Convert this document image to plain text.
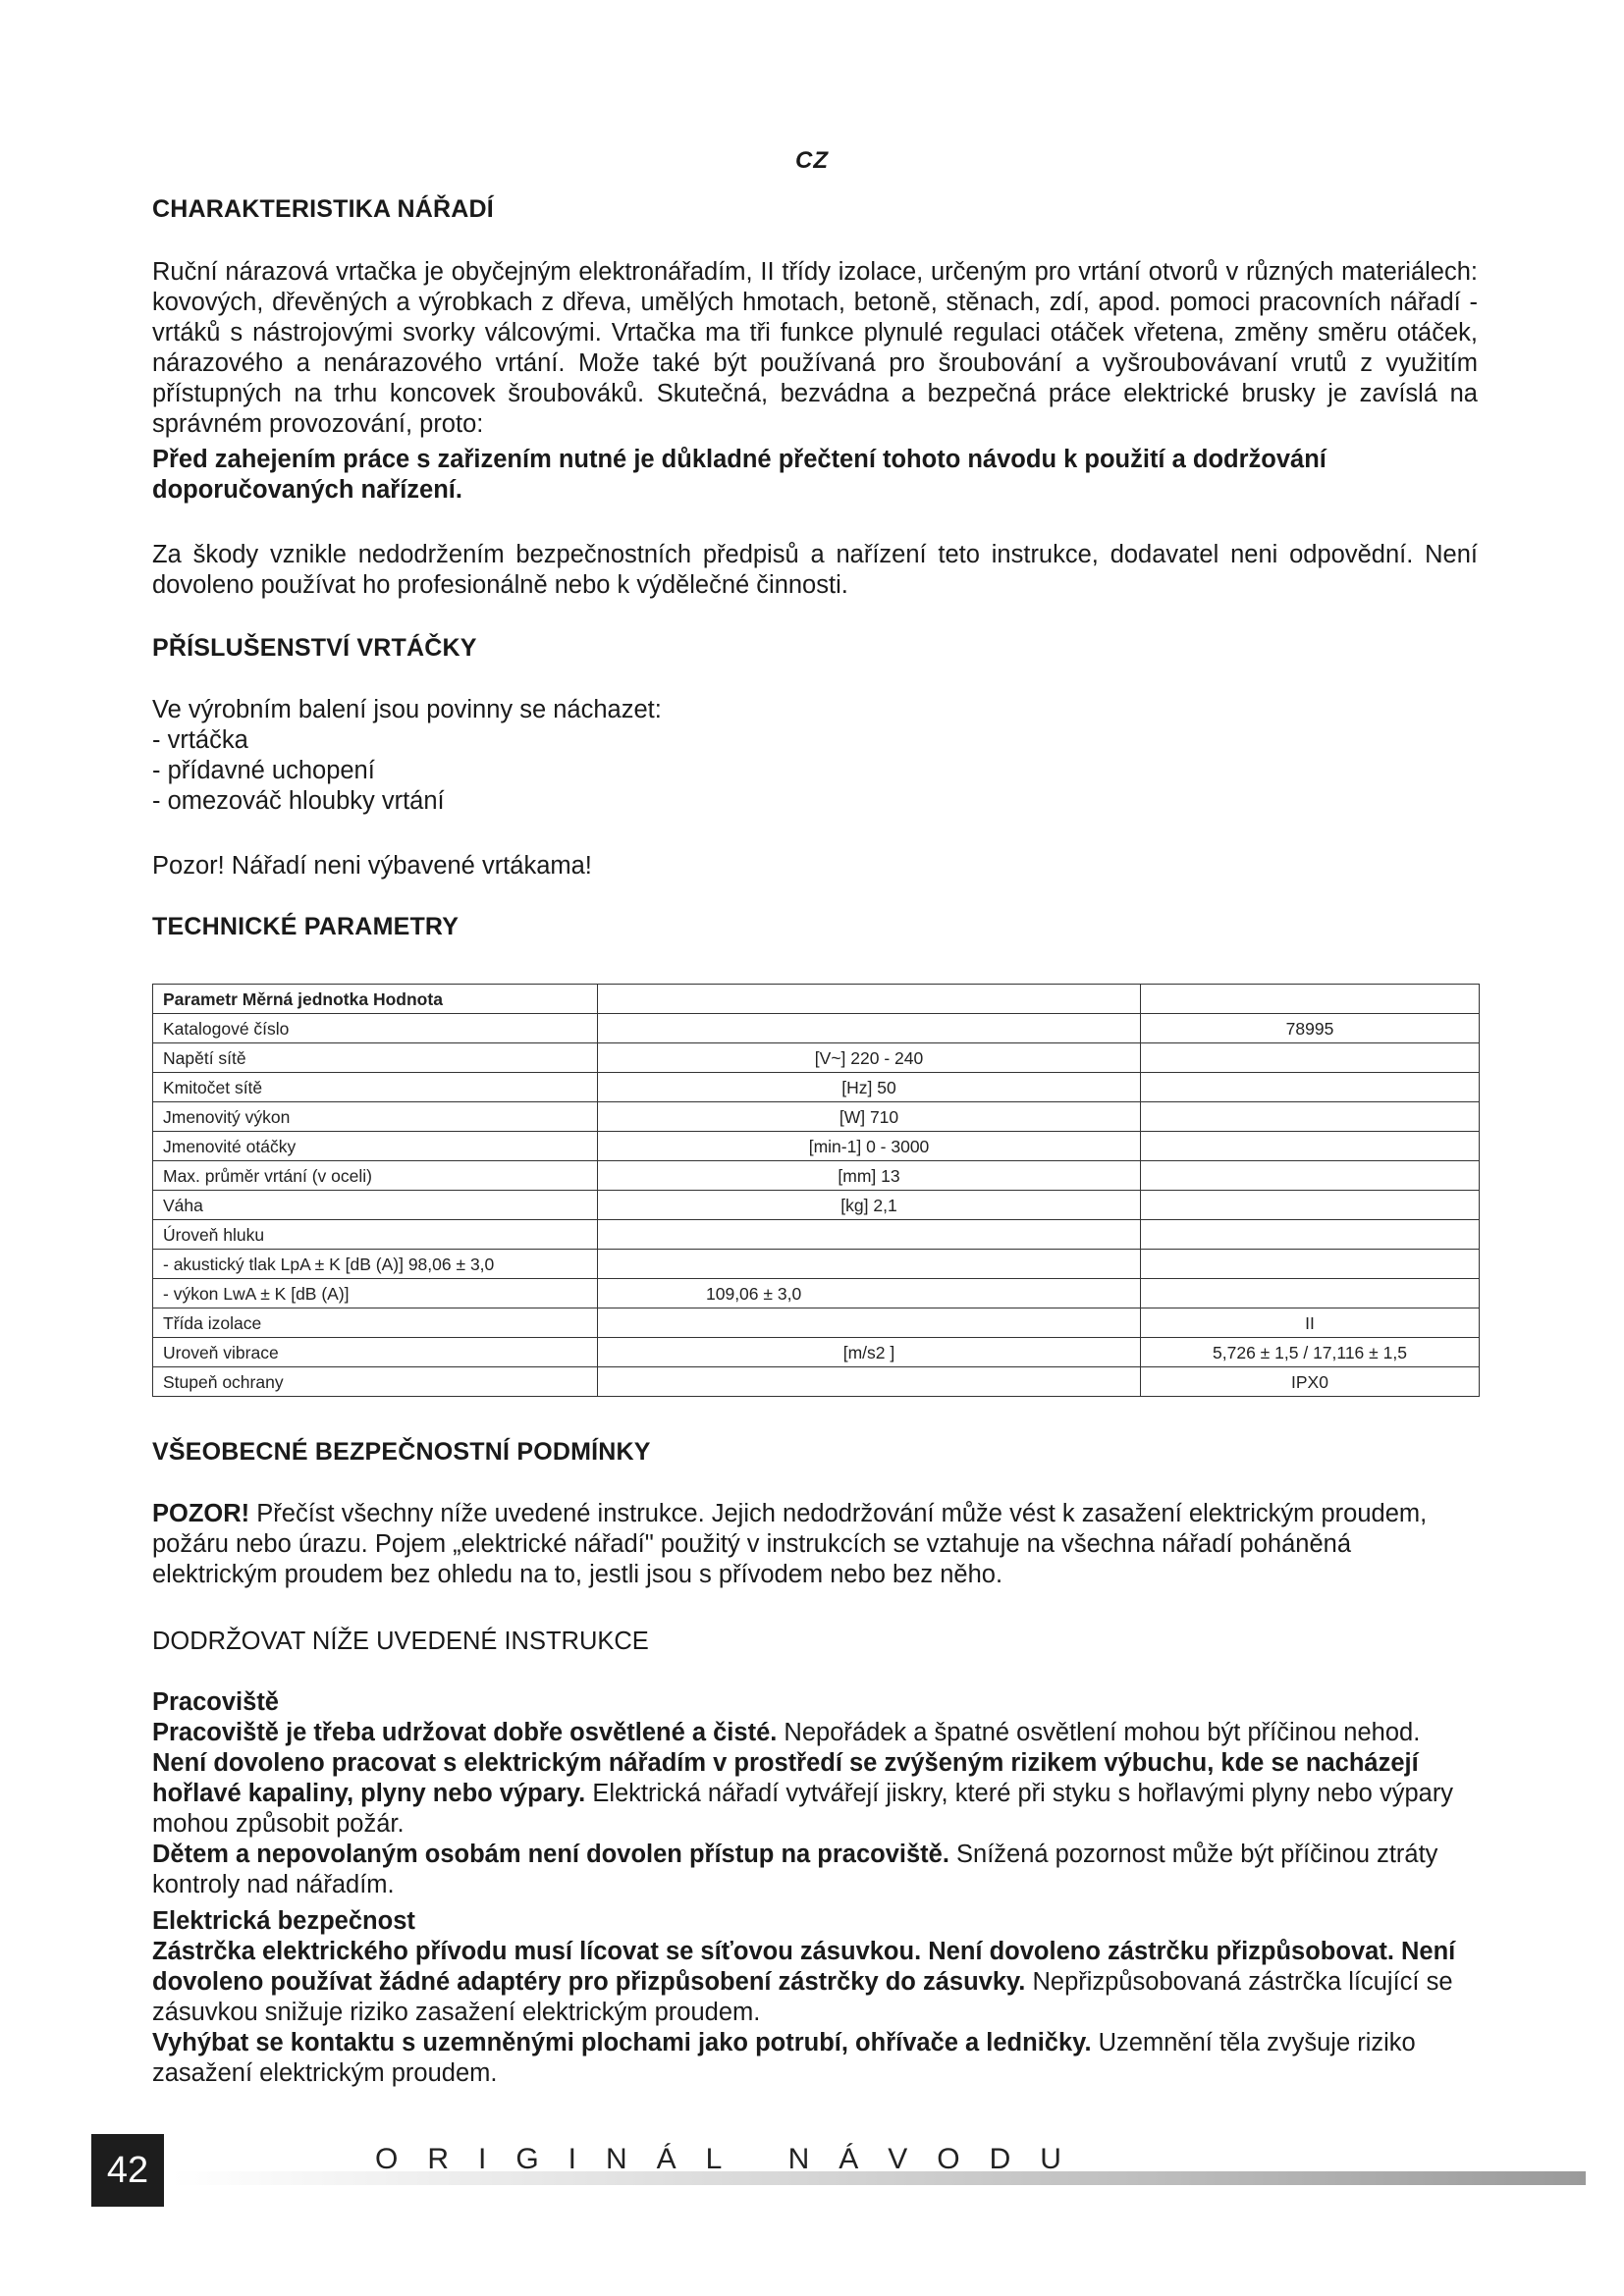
CZ
CHARAKTERISTIKA NÁŘADÍ
Ruční nárazová vrtačka je obyčejným elektronářadím, II třídy izolace, určeným pro vrtání otvorů v různých materiálech: kovových, dřevěných a výrobkach z dřeva, umělých hmotach, betoně, stěnach, zdí, apod. pomoci pracovních nářadí - vrtáků s nástrojovými svorky válcovými. Vrtačka ma tři funkce plynulé regulaci otáček vřetena, změny směru otáček, nárazového a nenárazového vrtání. Može také být používaná pro šroubování a vyšroubovávaní vrutů z využitím přístupných na trhu koncovek šroubováků. Skutečná, bezvádna a bezpečná práce elektrické brusky je zavíslá na správném provozování, proto:
Před zahejením práce s zařizením nutné je důkladné přečtení tohoto návodu k použití a dodržování doporučovaných nařízení.
Za škody vznikle nedodržením bezpečnostních předpisů a nařízení teto instrukce, dodavatel neni odpovědní. Není dovoleno používat ho profesionálně nebo k výdělečné činnosti.
PŘÍSLUŠENSTVÍ VRTÁČKY
Ve výrobním balení jsou povinny se náchazet:
- vrtáčka
- přídavné uchopení
- omezováč hloubky vrtání
Pozor! Nářadí neni výbavené vrtákama!
TECHNICKÉ PARAMETRY
Parametr Měrná jednotka Hodnota		
Katalogové číslo		78995
Napětí sítě	[V~] 220 - 240	
Kmitočet sítě	[Hz] 50	
Jmenovitý výkon	[W] 710	
Jmenovité otáčky	[min-1] 0 - 3000	
Max. průměr vrtání (v oceli)	[mm] 13	
Váha	[kg] 2,1	
Úroveň hluku		
- akustický tlak LpA ± K [dB (A)] 98,06 ± 3,0		
- výkon LwA ± K [dB (A)]	109,06 ± 3,0	
Třída izolace		II
Uroveň vibrace	[m/s2 ]	5,726 ± 1,5 / 17,116 ± 1,5
Stupeň ochrany		IPX0
VŠEOBECNÉ BEZPEČNOSTNÍ PODMÍNKY
POZOR! Přečíst všechny níže uvedené instrukce. Jejich nedodržování může vést k zasažení elektrickým proudem, požáru nebo úrazu. Pojem „elektrické nářadí" použitý v instrukcích se vztahuje na všechna nářadí poháněná elektrickým proudem bez ohledu na to, jestli jsou s přívodem nebo bez něho.
DODRŽOVAT NÍŽE UVEDENÉ INSTRUKCE
Pracoviště
Pracoviště je třeba udržovat dobře osvětlené a čisté. Nepořádek a špatné osvětlení mohou být příčinou nehod.
Není dovoleno pracovat s elektrickým nářadím v prostředí se zvýšeným rizikem výbuchu, kde se nacházejí hořlavé kapaliny, plyny nebo výpary. Elektrická nářadí vytvářejí jiskry, které při styku s hořlavými plyny nebo výpary mohou způsobit požár.
Dětem a nepovolaným osobám není dovolen přístup na pracoviště. Snížená pozornost může být příčinou ztráty kontroly nad nářadím.
Elektrická bezpečnost
Zástrčka elektrického přívodu musí lícovat se síťovou zásuvkou. Není dovoleno zástrčku přizpůsobovat. Není dovoleno používat žádné adaptéry pro přizpůsobení zástrčky do zásuvky. Nepřizpůsobovaná zástrčka lícující se zásuvkou snižuje riziko zasažení elektrickým proudem.
Vyhýbat se kontaktu s uzemněnými plochami jako potrubí, ohřívače a ledničky. Uzemnění těla zvyšuje riziko zasažení elektrickým proudem.
42	ORIGINÁL NÁVODU
